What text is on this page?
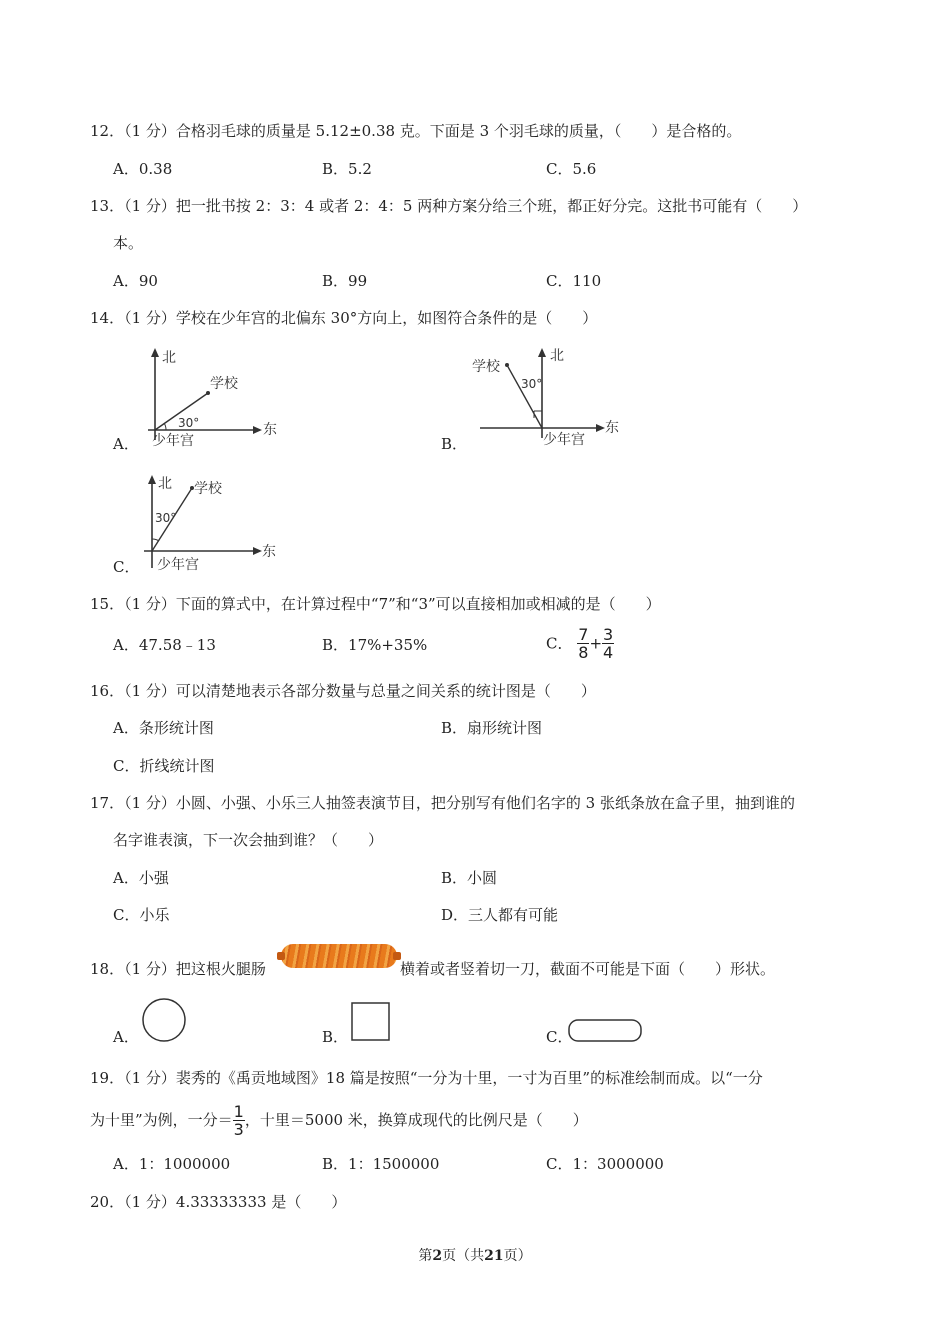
12．（1 分）合格羽毛球的质量是 5.12±0.38 克。下面是 3 个羽毛球的质量，（　　）是合格的。
A．0.38	B．5.2	C．5.6
13．（1 分）把一批书按 2：3：4 或者 2：4：5 两种方案分给三个班，都正好分完。这批书可能有（　　）
本。
A．90	B．99	C．110
14．（1 分）学校在少年宫的北偏东 30°方向上，如图符合条件的是（　　）
A．
北
东
学校
30°
少年宫	B．
北
东
学校
30°
少年宫
C．
北
东
学校
30°
少年宫
15．（1 分）下面的算式中，在计算过程中“7”和“3”可以直接相加或相减的是（　　）
A．47.58﹣13	B．17%+35%	C． $\frac{7}{8} + \frac{3}{4}$
16．（1 分）可以清楚地表示各部分数量与总量之间关系的统计图是（　　）
A．条形统计图	B．扇形统计图
C．折线统计图
17．（1 分）小圆、小强、小乐三人抽签表演节目，把分别写有他们名字的 3 张纸条放在盒子里，抽到谁的
名字谁表演，下一次会抽到谁？（　　）
A．小强	B．小圆
C．小乐	D．三人都有可能
18．（1 分）把这根火腿肠	横着或者竖着切一刀，截面不可能是下面（　　）形状。
A．	B．	C．
19．（1 分）裴秀的《禹贡地域图》18 篇是按照“一分为十里，一寸为百里”的标准绘制而成。以“一分
为十里”为例，一分＝ $\frac{1}{3}$ ，十里＝5000 米，换算成现代的比例尺是（　　）
A．1：1000000	B．1：1500000	C．1：3000000
20．（1 分）4.33333333 是（　　）
第2页（共21页）
